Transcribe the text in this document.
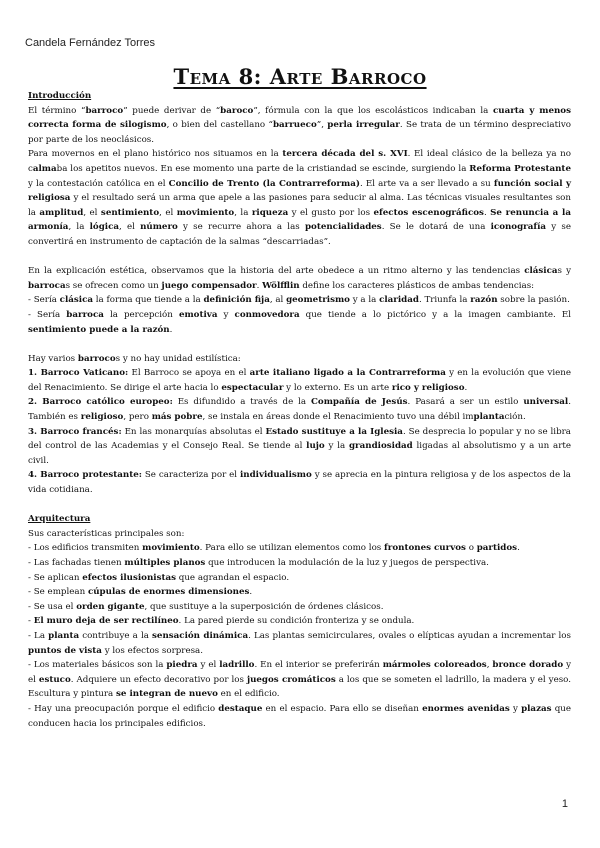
Candela Fernández Torres
Tema 8: Arte Barroco

Introducción

El término “barroco” puede derivar de “baroco”, fórmula con la que los escolásticos indicaban la cuarta y menos correcta forma de silogismo, o bien del castellano “barrueco”, perla irregular. Se trata de un término despreciativo por parte de los neoclásicos.

Para movernos en el plano histórico nos situamos en la tercera década del s. XVI. El ideal clásico de la belleza ya no calmaba los apetitos nuevos. En ese momento una parte de la cristiandad se escinde, surgiendo la Reforma Protestante y la contestación católica en el Concilio de Trento (la Contrarreforma). El arte va a ser llevado a su función social y religiosa y el resultado será un arma que apele a las pasiones para seducir al alma. Las técnicas visuales resultantes son la amplitud, el sentimiento, el movimiento, la riqueza y el gusto por los efectos escenográficos. Se renuncia a la armonía, la lógica, el número y se recurre ahora a las potencialidades. Se le dotará de una iconografía y se convertirá en instrumento de captación de la salmas “descarriadas”.

En la explicación estética, observamos que la historia del arte obedece a un ritmo alterno y las tendencias clásicas y barrocas se ofrecen como un juego compensador. Wölfflin define los caracteres plásticos de ambas tendencias:

- Sería clásica la forma que tiende a la definición fija, al geometrismo y a la claridad. Triunfa la razón sobre la pasión.

- Sería barroca la percepción emotiva y conmovedora que tiende a lo pictórico y a la imagen cambiante. El sentimiento puede a la razón.

Hay varios barrocos y no hay unidad estilística:

1. Barroco Vaticano: El Barroco se apoya en el arte italiano ligado a la Contrarreforma y en la evolución que viene del Renacimiento. Se dirige el arte hacia lo espectacular y lo externo. Es un arte rico y religioso.

2. Barroco católico europeo: Es difundido a través de la Compañía de Jesús. Pasará a ser un estilo universal. También es religioso, pero más pobre, se instala en áreas donde el Renacimiento tuvo una débil implantación.

3. Barroco francés: En las monarquías absolutas el Estado sustituye a la Iglesia. Se desprecia lo popular y no se libra del control de las Academias y el Consejo Real. Se tiende al lujo y la grandiosidad ligadas al absolutismo y a un arte civil.

4. Barroco protestante: Se caracteriza por el individualismo y se aprecia en la pintura religiosa y de los aspectos de la vida cotidiana.

Arquitectura

Sus características principales son:

- Los edificios transmiten movimiento. Para ello se utilizan elementos como los frontones curvos o partidos.

- Las fachadas tienen múltiples planos que introducen la modulación de la luz y juegos de perspectiva.

- Se aplican efectos ilusionistas que agrandan el espacio.

- Se emplean cúpulas de enormes dimensiones.

- Se usa el orden gigante, que sustituye a la superposición de órdenes clásicos.

- El muro deja de ser rectilíneo. La pared pierde su condición fronteriza y se ondula.

- La planta contribuye a la sensación dinámica. Las plantas semicirculares, ovales o elípticas ayudan a incrementar los puntos de vista y los efectos sorpresa.

- Los materiales básicos son la piedra y el ladrillo. En el interior se preferirán mármoles coloreados, bronce dorado y el estuco. Adquiere un efecto decorativo por los juegos cromáticos a los que se someten el ladrillo, la madera y el yeso. Escultura y pintura se integran de nuevo en el edificio.

- Hay una preocupación porque el edificio destaque en el espacio. Para ello se diseñan enormes avenidas y plazas que conducen hacia los principales edificios.

1
